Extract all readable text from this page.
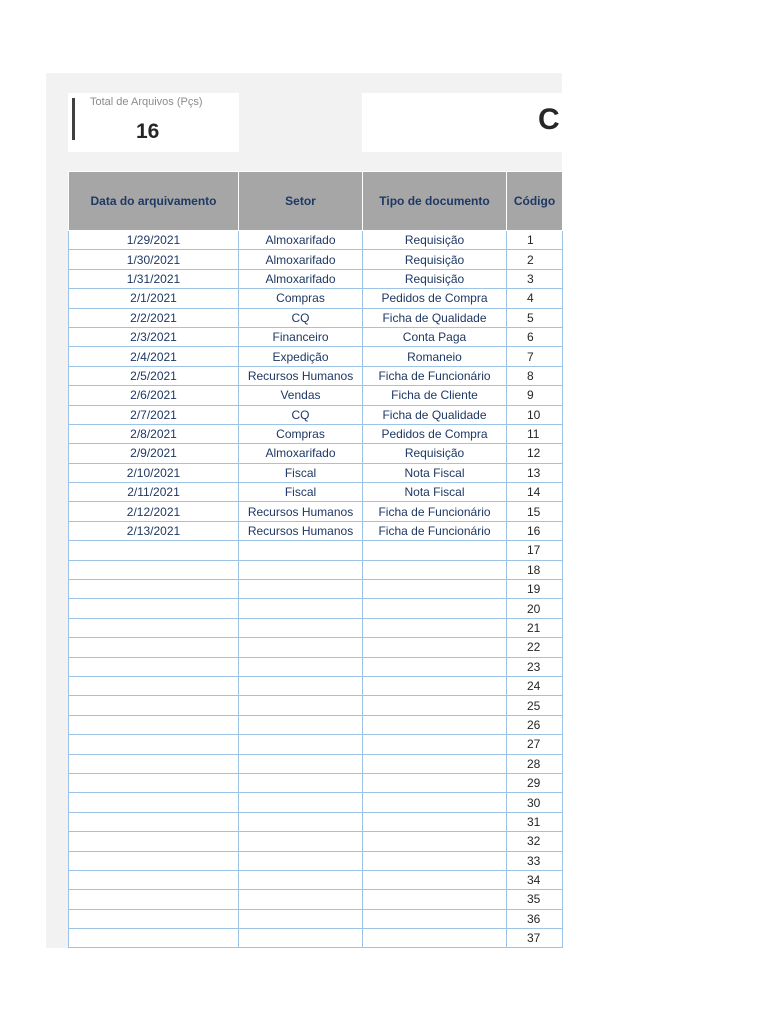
Total de Arquivos (Pçs)
16	C
Data do arquivamento	Setor	Tipo de documento	Código
1/29/2021	Almoxarifado	Requisição	1
1/30/2021	Almoxarifado	Requisição	2
1/31/2021	Almoxarifado	Requisição	3
2/1/2021	Compras	Pedidos de Compra	4
2/2/2021	CQ	Ficha de Qualidade	5
2/3/2021	Financeiro	Conta Paga	6
2/4/2021	Expedição	Romaneio	7
2/5/2021	Recursos Humanos	Ficha de Funcionário	8
2/6/2021	Vendas	Ficha de Cliente	9
2/7/2021	CQ	Ficha de Qualidade	10
2/8/2021	Compras	Pedidos de Compra	11
2/9/2021	Almoxarifado	Requisição	12
2/10/2021	Fiscal	Nota Fiscal	13
2/11/2021	Fiscal	Nota Fiscal	14
2/12/2021	Recursos Humanos	Ficha de Funcionário	15
2/13/2021	Recursos Humanos	Ficha de Funcionário	16
			17
			18
			19
			20
			21
			22
			23
			24
			25
			26
			27
			28
			29
			30
			31
			32
			33
			34
			35
			36
			37
